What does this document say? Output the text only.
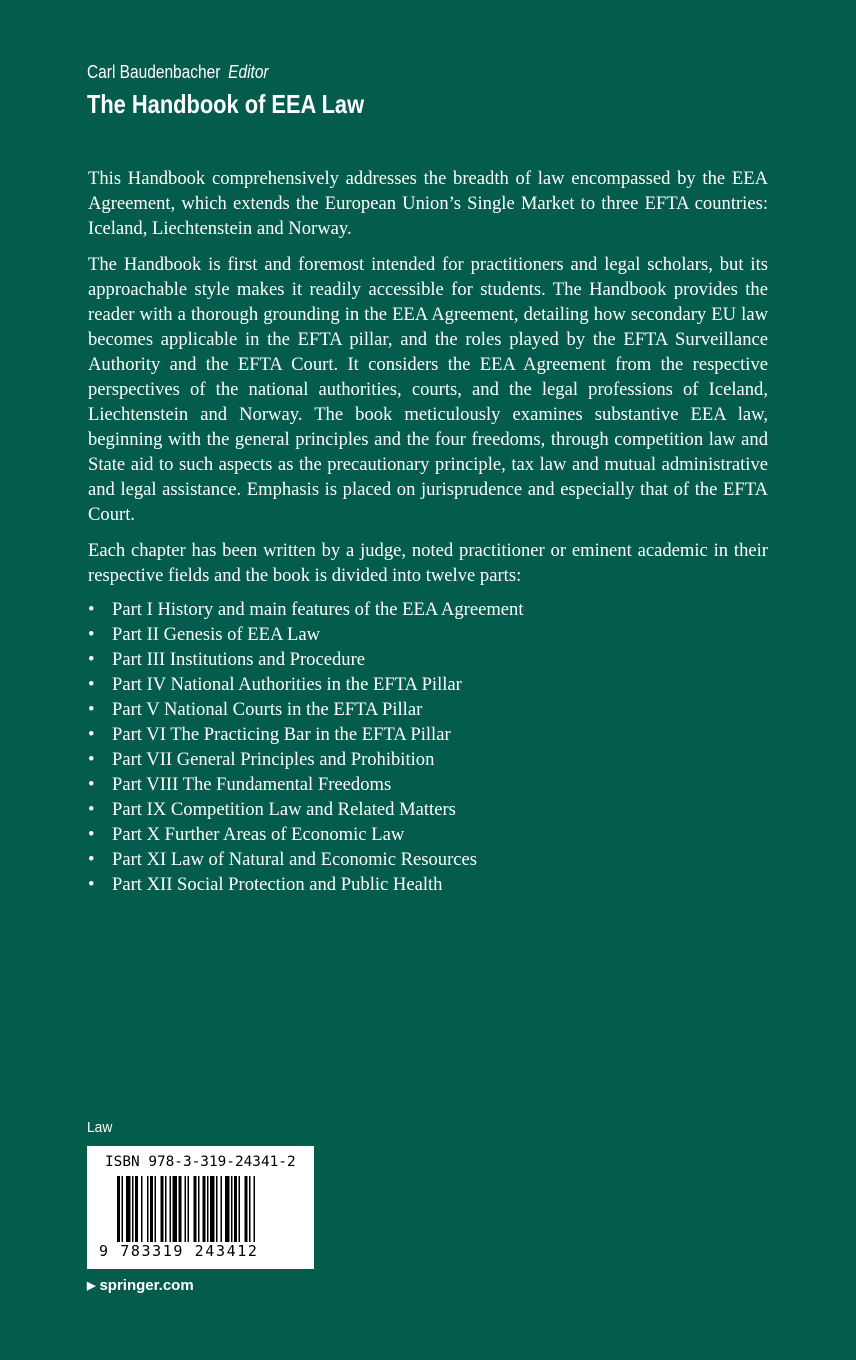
Carl Baudenbacher Editor
The Handbook of EEA Law

This Handbook comprehensively addresses the breadth of law encompassed by the EEA Agreement, which extends the European Union’s Single Market to three EFTA countries: Iceland, Liechtenstein and Norway.

The Handbook is first and foremost intended for practitioners and legal scholars, but its approachable style makes it readily accessible for students. The Handbook provides the reader with a thorough grounding in the EEA Agreement, detailing how secondary EU law becomes applicable in the EFTA pillar, and the roles played by the EFTA Surveillance Authority and the EFTA Court. It considers the EEA Agreement from the respective perspectives of the national authorities, courts, and the legal professions of Iceland, Liechtenstein and Norway. The book meticulously examines substantive EEA law, beginning with the general principles and the four freedoms, through competition law and State aid to such aspects as the precautionary principle, tax law and mutual administrative and legal assistance. Emphasis is placed on jurisprudence and especially that of the EFTA Court.

Each chapter has been written by a judge, noted practitioner or eminent academic in their respective fields and the book is divided into twelve parts:

• Part I History and main features of the EEA Agreement
• Part II Genesis of EEA Law
• Part III Institutions and Procedure
• Part IV National Authorities in the EFTA Pillar
• Part V National Courts in the EFTA Pillar
• Part VI The Practicing Bar in the EFTA Pillar
• Part VII General Principles and Prohibition
• Part VIII The Fundamental Freedoms
• Part IX Competition Law and Related Matters
• Part X Further Areas of Economic Law
• Part XI Law of Natural and Economic Resources
• Part XII Social Protection and Public Health
Law
ISBN 978-3-319-24341-2
9 783319 243412
▶ springer.com
